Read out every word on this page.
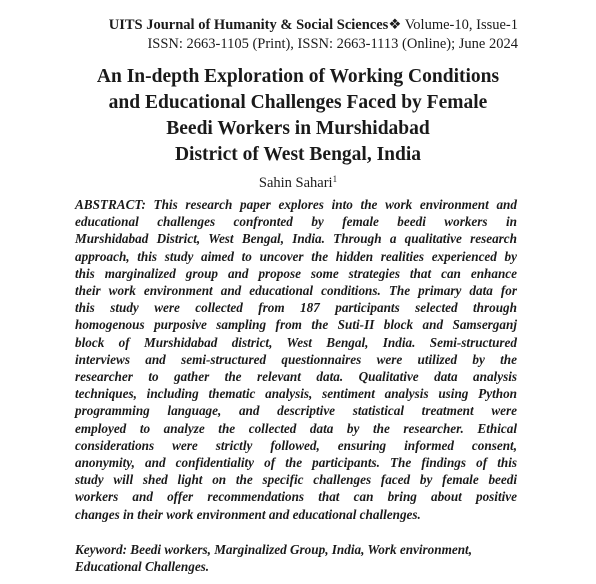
UITS Journal of Humanity & Social Sciences❖ Volume-10, Issue-1
ISSN: 2663-1105 (Print), ISSN: 2663-1113 (Online); June 2024
An In-depth Exploration of Working Conditions
and Educational Challenges Faced by Female
Beedi Workers in Murshidabad
District of West Bengal, India
Sahin Sahari$^1$
ABSTRACT: This research paper explores into the work environment and
educational challenges confronted by female beedi workers in
Murshidabad District, West Bengal, India. Through a qualitative research
approach, this study aimed to uncover the hidden realities experienced by
this marginalized group and propose some strategies that can enhance
their work environment and educational conditions. The primary data for
this study were collected from 187 participants selected through
homogenous purposive sampling from the Suti-II block and Samserganj
block of Murshidabad district, West Bengal, India. Semi-structured
interviews and semi-structured questionnaires were utilized by the
researcher to gather the relevant data. Qualitative data analysis
techniques, including thematic analysis, sentiment analysis using Python
programming language, and descriptive statistical treatment were
employed to analyze the collected data by the researcher. Ethical
considerations were strictly followed, ensuring informed consent,
anonymity, and confidentiality of the participants. The findings of this
study will shed light on the specific challenges faced by female beedi
workers and offer recommendations that can bring about positive
changes in their work environment and educational challenges.
Keyword: Beedi workers, Marginalized Group, India, Work environment,
Educational Challenges.
